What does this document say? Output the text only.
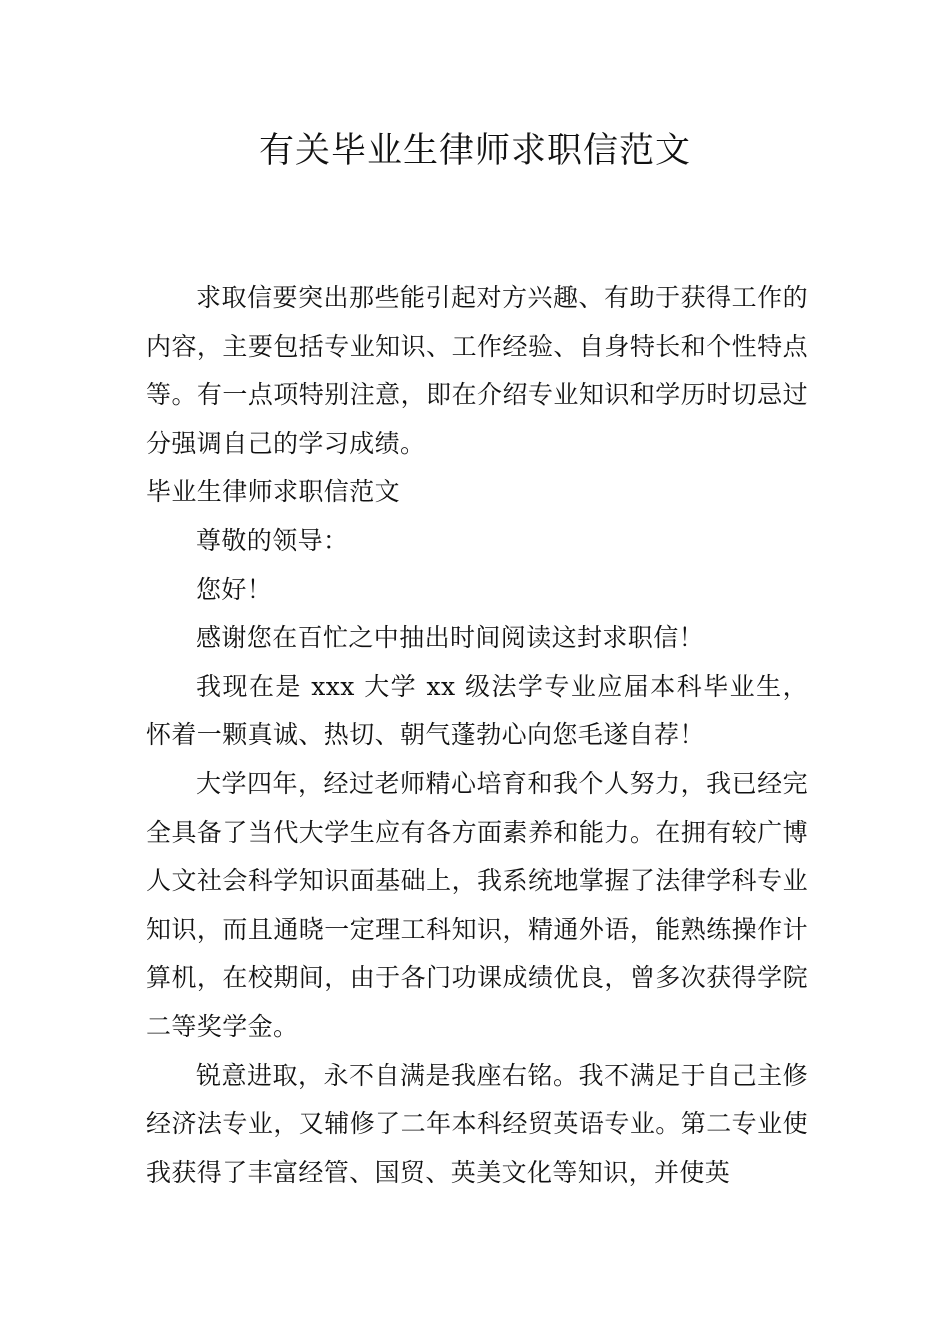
有关毕业生律师求职信范文

求取信要突出那些能引起对方兴趣、有助于获得工作的内容，主要包括专业知识、工作经验、自身特长和个性特点等。有一点项特别注意，即在介绍专业知识和学历时切忌过分强调自己的学习成绩。

毕业生律师求职信范文

尊敬的领导：

您好！

感谢您在百忙之中抽出时间阅读这封求职信！

我现在是 xxx 大学 xx 级法学专业应届本科毕业生，怀着一颗真诚、热切、朝气蓬勃心向您毛遂自荐！

大学四年，经过老师精心培育和我个人努力，我已经完全具备了当代大学生应有各方面素养和能力。在拥有较广博人文社会科学知识面基础上，我系统地掌握了法律学科专业知识，而且通晓一定理工科知识，精通外语，能熟练操作计算机，在校期间，由于各门功课成绩优良，曾多次获得学院二等奖学金。

锐意进取，永不自满是我座右铭。我不满足于自己主修经济法专业，又辅修了二年本科经贸英语专业。第二专业使我获得了丰富经管、国贸、英美文化等知识，并使英
